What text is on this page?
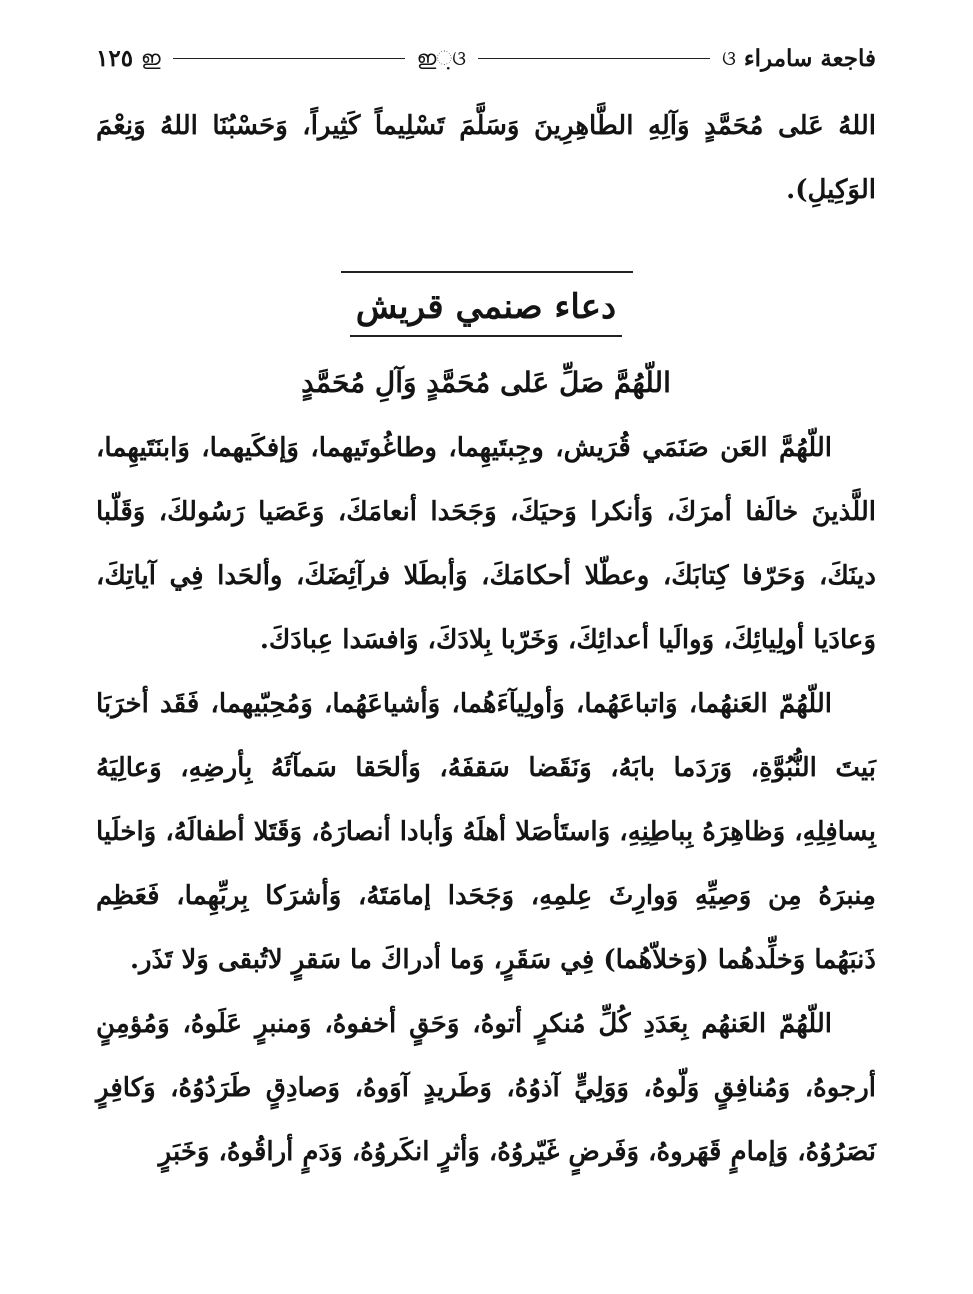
فاجعة سامراء
ଓ
ഇ଼ଓ
ഇ
١٢٥

اللهُ عَلى مُحَمَّدٍ وَآلِهِ الطَّاهِرِينَ وَسَلَّمَ تَسْلِيماً كَثِيراً، وَحَسْبُنَا اللهُ وَنِعْمَ الوَكِيلِ).

دعاء صنمي قريش
اللّهُمَّ صَلِّ عَلى مُحَمَّدٍ وَآلِ مُحَمَّدٍ

اللّهُمَّ العَن صَنَمَي قُرَيش، وجِبتَيهِما، وطاغُوتَيهما، وَإفكَيهما، وَابنَتَيهِما، اللَّذينَ خالَفا أمرَكَ، وَأنكرا وَحيَكَ، وَجَحَدا أنعامَكَ، وَعَصَيا رَسُولكَ، وَقَلّبا دينَكَ، وَحَرّفا كِتابَكَ، وعطّلا أحكامَكَ، وَأبطَلا فرآئِضَكَ، وألحَدا فِي آياتِكَ، وَعادَيا أولِيائِكَ، وَوالَيا أعدائِكَ، وَخَرّبا بِلادَكَ، وَافسَدا عِبادَكَ.

اللّهُمّ العَنهُما، وَاتباعَهُما، وَأولِيآءَهُما، وَأشياعَهُما، وَمُحِبّيهما، فَقَد أخرَبَا بَيتَ النُّبُوَّةِ، وَرَدَما بابَهُ، وَنَقَضا سَقفَهُ، وَألحَقا سَمآئَهُ بِأرضِهِ، وَعالِيَهُ بِسافِلِهِ، وَظاهِرَهُ بِباطِنِهِ، وَاستَأصَلا أهلَهُ وَأبادا أنصارَهُ، وَقَتَلا أطفالَهُ، وَاخلَيا مِنبرَهُ مِن وَصِيِّهِ وَوارِثَ عِلمِهِ، وَجَحَدا إمامَتَهُ، وَأشرَكا بِربِّهِما، فَعَظِم ذَنبَهُما وَخلِّدهُما (وَخلاّهُما) فِي سَقَرٍ، وَما أدراكَ ما سَقرٍ لاتُبقى وَلا تَذَر.

اللّهُمّ العَنهُم بِعَدَدِ كُلِّ مُنكرٍ أتوهُ، وَحَقٍ أخفوهُ، وَمنبرٍ عَلَوهُ، وَمُؤمِنٍ أرجوهُ، وَمُنافِقٍ وَلّوهُ، وَوَلِيٍّ آذوُهُ، وَطَريدٍ آوَوهُ، وَصادِقٍ طَرَدُوُهُ، وَكافِرٍ نَصَرُوُهُ، وَإمامٍ قَهَروهُ، وَفَرضٍ غَيّروُهُ، وَأثرٍ انكَروُهُ، وَدَمٍ أراقُوهُ، وَخَبَرٍ
